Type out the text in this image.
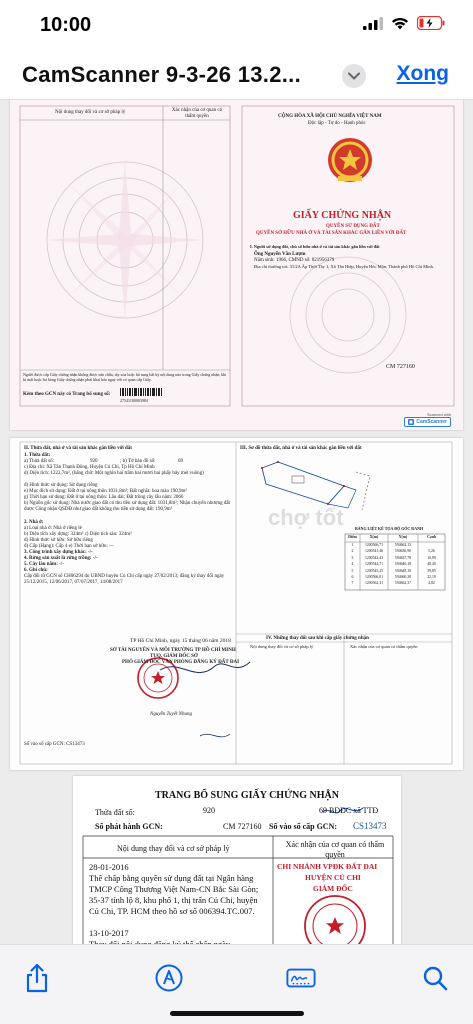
10:00
CamScanner 9-3-26 13.2...	Xong
Nội dung thay đổi và cơ sở pháp lý	Xác nhận của cơ quan có thẩm quyền
Người được cấp Giấy chứng nhận không được sửa chữa, tẩy xóa hoặc bổ sung bất kỳ nội dung nào trong Giấy chứng nhận; khi bị mất hoặc hư hỏng Giấy chứng nhận phải khai báo ngay với cơ quan cấp Giấy.
Kèm theo GCN này có Trang bổ sung số:
27541180003984
CỘNG HÒA XÃ HỘI CHỦ NGHĨA VIỆT NAM
Độc lập - Tự do - Hạnh phúc
GIẤY CHỨNG NHẬN
QUYỀN SỬ DỤNG ĐẤT
QUYỀN SỞ HỮU NHÀ Ở VÀ TÀI SẢN KHÁC GẮN LIỀN VỚI ĐẤT
I. Người sử dụng đất, chủ sở hữu nhà ở và tài sản khác gắn liền với đất
Ông Nguyễn Văn Lượm
Năm sinh: 1966, CMND số: 021956379
Địa chỉ thường trú: 31/2A Ấp Thới Tây 1, Xã Tân Hiệp, Huyện Hóc Môn, Thành phố Hồ Chí Minh.
CM 727160
Scanned with
CamScanner
II. Thửa đất, nhà ở và tài sản khác gắn liền với đất
1. Thửa đất:
a) Thửa đất số:	920	; b) Tờ bản đồ số:	69
c) Địa chỉ: Xã Tân Thạnh Đông, Huyện Củ Chi, Tp Hồ Chí Minh
d) Diện tích: 1222,7m², (bằng chữ: Một nghìn hai trăm hai mươi hai phẩy bảy mét vuông)
đ) Hình thức sử dụng: Sử dụng riêng
e) Mục đích sử dụng: Đất ở tại nông thôn 1031,8m²; Đất nghĩa: hoa màu 190,9m²
g) Thời hạn sử dụng: Đất ở tại nông thôn: Lâu dài; Đất trồng cây lâu năm: 2066
h) Nguồn gốc sử dụng: Nhà nước giao đất có thu tiền sử dụng đất: 1031,8m²; Nhận chuyển nhượng đất được Công nhận QSDĐ như giao đất không thu tiền sử dụng đất: 190,9m²
2. Nhà ở:
a) Loại nhà ở: Nhà ở riêng lẻ
b) Diện tích xây dựng: 324m² c) Diện tích sàn: 324m²
d) Hình thức sở hữu: Sở hữu riêng
đ) Cấp (Hạng): Cấp 4 e) Thời hạn sở hữu: —
3. Công trình xây dựng khác: -/-
4. Rừng sản xuất là rừng trồng: -/-
5. Cây lâu năm: -/-
6. Ghi chú:
Cấp đổi từ GCN số CH06294 do UBND huyện Củ Chi cấp ngày 27/02/2013; đăng ký thay đổi ngày 25/12/2015, 12/06/2017, 07/07/2017, 14/08/2017
III. Sơ đồ thửa đất, nhà ở và tài sản khác gắn liền với đất
BẢNG LIỆT KÊ TỌA ĐỘ GÓC RANH
Điểm	X(m)	Y(m)	Cạnh
1	1200566,71	594662,13
2	1200541,46	594636,90	5,26
3	1200542,43	594637,78	10,89
4	1200544,71	594640,18	48,40
5	1200545,25	594648,10	39,85
6	1200566,01	594660,28	22,19
7	1200562,31	594662,37	4,82
TP Hồ Chí Minh, ngày 15 tháng 06 năm 2018
SỞ TÀI NGUYÊN VÀ MÔI TRƯỜNG TP HỒ CHÍ MINH
TUQ. GIÁM ĐỐC SỞ
PHÓ GIÁM ĐỐC VĂN PHÒNG ĐĂNG KÝ ĐẤT ĐAI
Nguyễn Tuyết Nhung
IV. Những thay đổi sau khi cấp giấy chứng nhận
Nội dung thay đổi và cơ sở pháp lý	Xác nhận của cơ quan có thẩm quyền
Số vào sổ cấp GCN: CS13473
chợ tốt
TRANG BỔ SUNG GIẤY CHỨNG NHẬN
Thửa đất số:	920	69 BĐĐC xã TTĐ
Số phát hành GCN:	CM 727160 Số vào sổ cấp GCN: CS13473
Nội dung thay đổi và cơ sở pháp lý	Xác nhận của cơ quan có thẩm quyền
28-01-2016
Thế chấp bằng quyền sử dụng đất tại Ngân hàng TMCP Công Thương Việt Nam-CN Bắc Sài Gòn; 35-37 tỉnh lộ 8, khu phố 1, thị trấn Củ Chi, huyện Củ Chi, TP. HCM theo hồ sơ số 006394.TC.007.
13-10-2017
CHI NHÁNH VPĐK ĐẤT ĐAI
HUYỆN CỦ CHI
GIÁM ĐỐC
